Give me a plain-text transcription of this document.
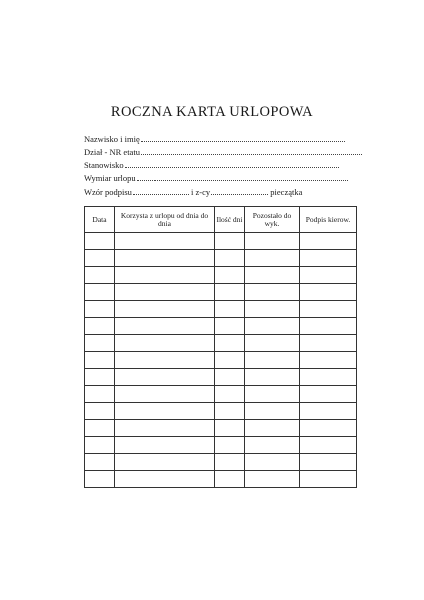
ROCZNA KARTA URLOPOWA
Nazwisko i imię
Dział - NR etatu
Stanowisko
Wymiar urlopu
Wzór podpisu	i z-cy	pieczątka
Data	Korzysta z urlopu od dnia do dnia	Ilość dni	Pozostało do wyk.	Podpis kierow.
